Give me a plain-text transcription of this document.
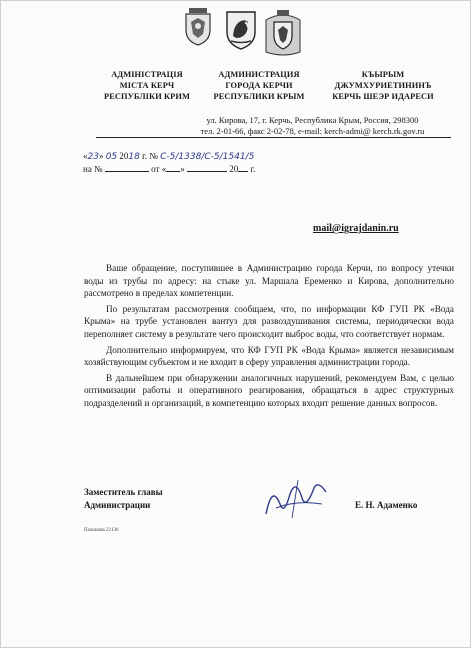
АДМІНІСТРАЦІЯ
МІСТА КЕРЧ
РЕСПУБЛІКИ КРИМ
АДМИНИСТРАЦИЯ
ГОРОДА КЕРЧИ
РЕСПУБЛИКИ КРЫМ
КЪЫРЫМ
ДЖУМХУРИЕТИНИНЪ
КЕРЧЬ ШЕЭР ИДАРЕСИ
ул. Кирова, 17, г. Керчь, Республика Крым, Россия, 298300
тел. 2-01-66, факс 2-02-78, e-mail: kerch-admi@ kerch.rk.gov.ru
«23» 05 2018 г. № С-5/1338/С-5/1541/5
на №	от « »	20 г.
mail@igrajdanin.ru

Ваше обращение, поступившее в Администрацию города Керчи, по вопросу утечки воды из трубы по адресу: на стыке ул. Маршала Еременко и Кирова, дополнительно рассмотрено в пределах компетенции.

По результатам рассмотрения сообщаем, что, по информации КФ ГУП РК «Вода Крыма» на трубе установлен вантуз для развоздушивания системы, периодически вода переполняет систему в результате чего происходит выброс воды, что соответствует нормам.

Дополнительно информируем, что КФ ГУП РК «Вода Крыма» является независимым хозяйствующим субъектом и не входит в сферу управления администрации города.

В дальнейшем при обнаружении аналогичных нарушений, рекомендуем Вам, с целью оптимизации работы и оперативного реагирования, обращаться в адрес структурных подразделений и организаций, в компетенцию которых входит решение данных вопросов.

Заместитель главы
Администрации	Е. Н. Адаменко
Пахомова 22136
